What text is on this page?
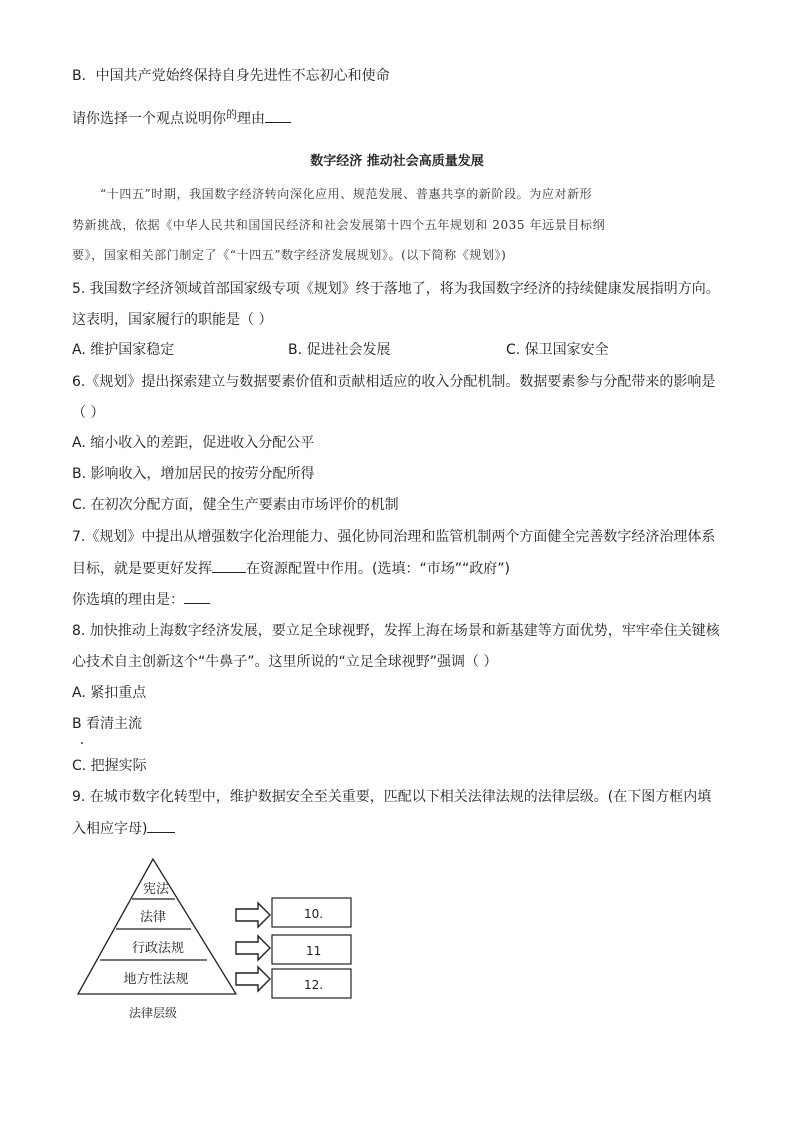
B．中国共产党始终保持自身先进性不忘初心和使命
请你选择一个观点说明你$^的$理由
数字经济 推动社会高质量发展
“十四五”时期，我国数字经济转向深化应用、规范发展、普惠共享的新阶段。为应对新形
势新挑战，依据《中华人民共和国国民经济和社会发展第十四个五年规划和 2035 年远景目标纲
要》，国家相关部门制定了《“十四五”数字经济发展规划》。(以下简称《规划》)
5. 我国数字经济领域首部国家级专项《规划》终于落地了，将为我国数字经济的持续健康发展指明方向。
这表明，国家履行的职能是（ ）
A. 维护国家稳定	B. 促进社会发展	C. 保卫国家安全
6.《规划》提出探索建立与数据要素价值和贡献相适应的收入分配机制。数据要素参与分配带来的影响是
（ ）
A. 缩小收入的差距，促进收入分配公平
B. 影响收入，增加居民的按劳分配所得
C. 在初次分配方面，健全生产要素由市场评价的机制
7.《规划》中提出从增强数字化治理能力、强化协同治理和监管机制两个方面健全完善数字经济治理体系
目标，就是要更好发挥 在资源配置中作用。(选填：“市场”“政府”)
你选填的理由是：
8. 加快推动上海数字经济发展，要立足全球视野，发挥上海在场景和新基建等方面优势，牢牢牵住关键核
心技术自主创新这个“牛鼻子”。这里所说的“立足全球视野”强调（ ）
A. 紧扣重点
B 看清主流
C. 把握实际
9. 在城市数字化转型中，维护数据安全至关重要，匹配以下相关法律法规的法律层级。(在下图方框内填
入相应字母)
宪法
法律
行政法规
地方性法规
10.
11
12.
法律层级
